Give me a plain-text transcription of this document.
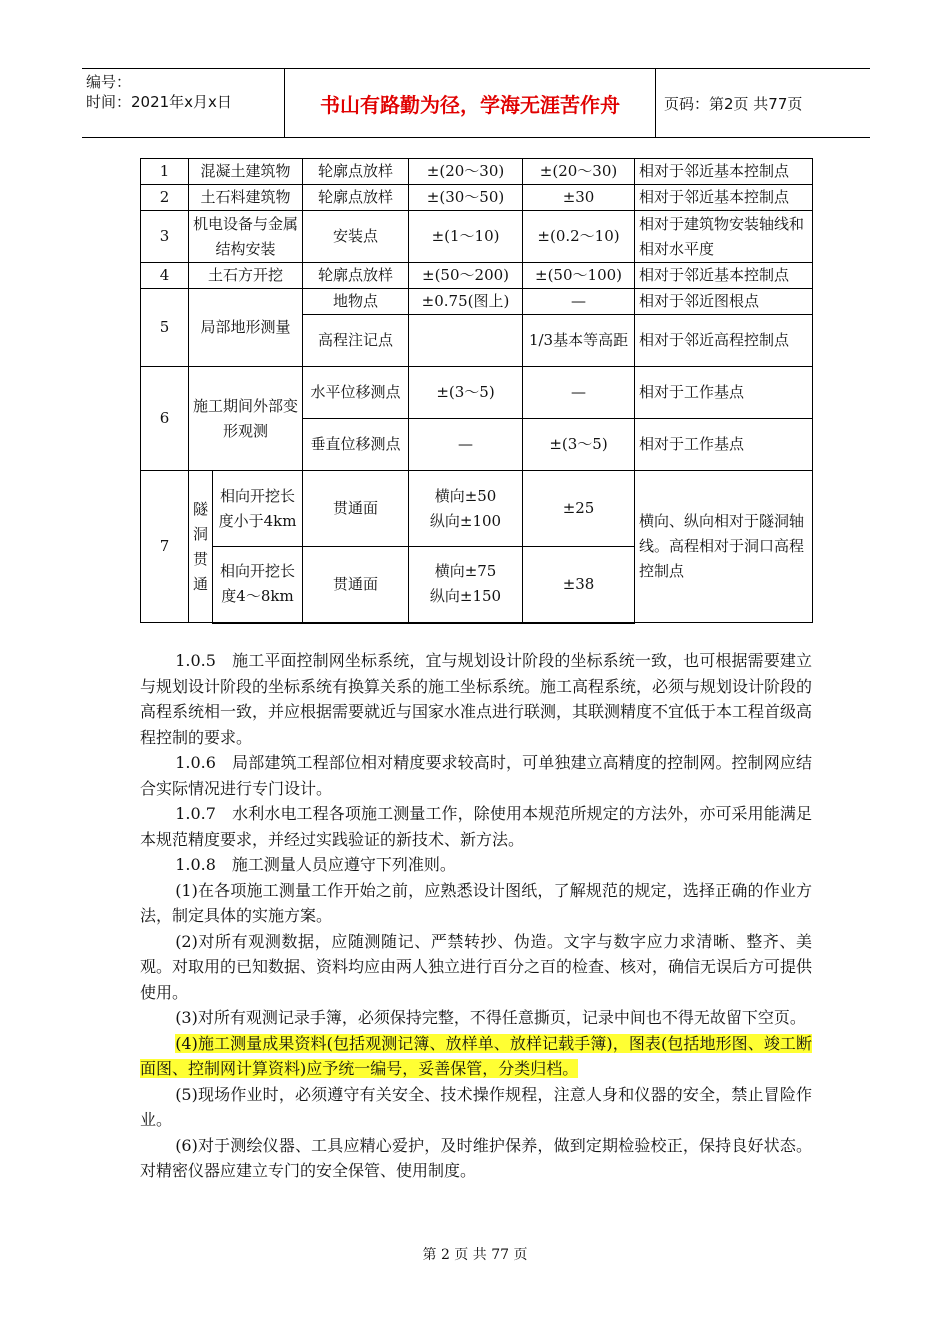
编号：
时间：2021年x月x日	书山有路勤为径，学海无涯苦作舟	页码：第2页 共77页
1	混凝土建筑物		轮廓点放样	±(20～30)	±(20～30)	相对于邻近基本控制点
2	土石料建筑物		轮廓点放样	±(30～50)	±30	相对于邻近基本控制点
3	机电设备与金属结构安装		安装点	±(1～10)	±(0.2～10)	相对于建筑物安装轴线和相对水平度
4	土石方开挖		轮廓点放样	±(50～200)	±(50～100)	相对于邻近基本控制点
5	局部地形测量		地物点	±0.75(图上)	—	相对于邻近图根点
			高程注记点		1/3基本等高距	相对于邻近高程控制点
6	施工期间外部变形观测		水平位移测点	±(3～5)	—	相对于工作基点
			垂直位移测点	—	±(3～5)	相对于工作基点
7	隧洞贯通	相向开挖长度小于4km	贯通面	横向±50
纵向±100	±25	横向、纵向相对于隧洞轴线。高程相对于洞口高程控制点
		相向开挖长度4～8km	贯通面	横向±75
纵向±150	±38	

1.0.5　施工平面控制网坐标系统，宜与规划设计阶段的坐标系统一致，也可根据需要建立与规划设计阶段的坐标系统有换算关系的施工坐标系统。施工高程系统，必须与规划设计阶段的高程系统相一致，并应根据需要就近与国家水准点进行联测，其联测精度不宜低于本工程首级高程控制的要求。

1.0.6　局部建筑工程部位相对精度要求较高时，可单独建立高精度的控制网。控制网应结合实际情况进行专门设计。

1.0.7　水利水电工程各项施工测量工作，除使用本规范所规定的方法外，亦可采用能满足本规范精度要求，并经过实践验证的新技术、新方法。

1.0.8　施工测量人员应遵守下列准则。

(1)在各项施工测量工作开始之前，应熟悉设计图纸，了解规范的规定，选择正确的作业方法，制定具体的实施方案。

(2)对所有观测数据，应随测随记、严禁转抄、伪造。文字与数字应力求清晰、整齐、美观。对取用的已知数据、资料均应由两人独立进行百分之百的检查、核对，确信无误后方可提供使用。

(3)对所有观测记录手簿，必须保持完整，不得任意撕页，记录中间也不得无故留下空页。

(4)施工测量成果资料(包括观测记簿、放样单、放样记载手簿)，图表(包括地形图、竣工断面图、控制网计算资料)应予统一编号，妥善保管，分类归档。

(5)现场作业时，必须遵守有关安全、技术操作规程，注意人身和仪器的安全，禁止冒险作业。

(6)对于测绘仪器、工具应精心爱护，及时维护保养，做到定期检验校正，保持良好状态。对精密仪器应建立专门的安全保管、使用制度。

第 2 页 共 77 页
